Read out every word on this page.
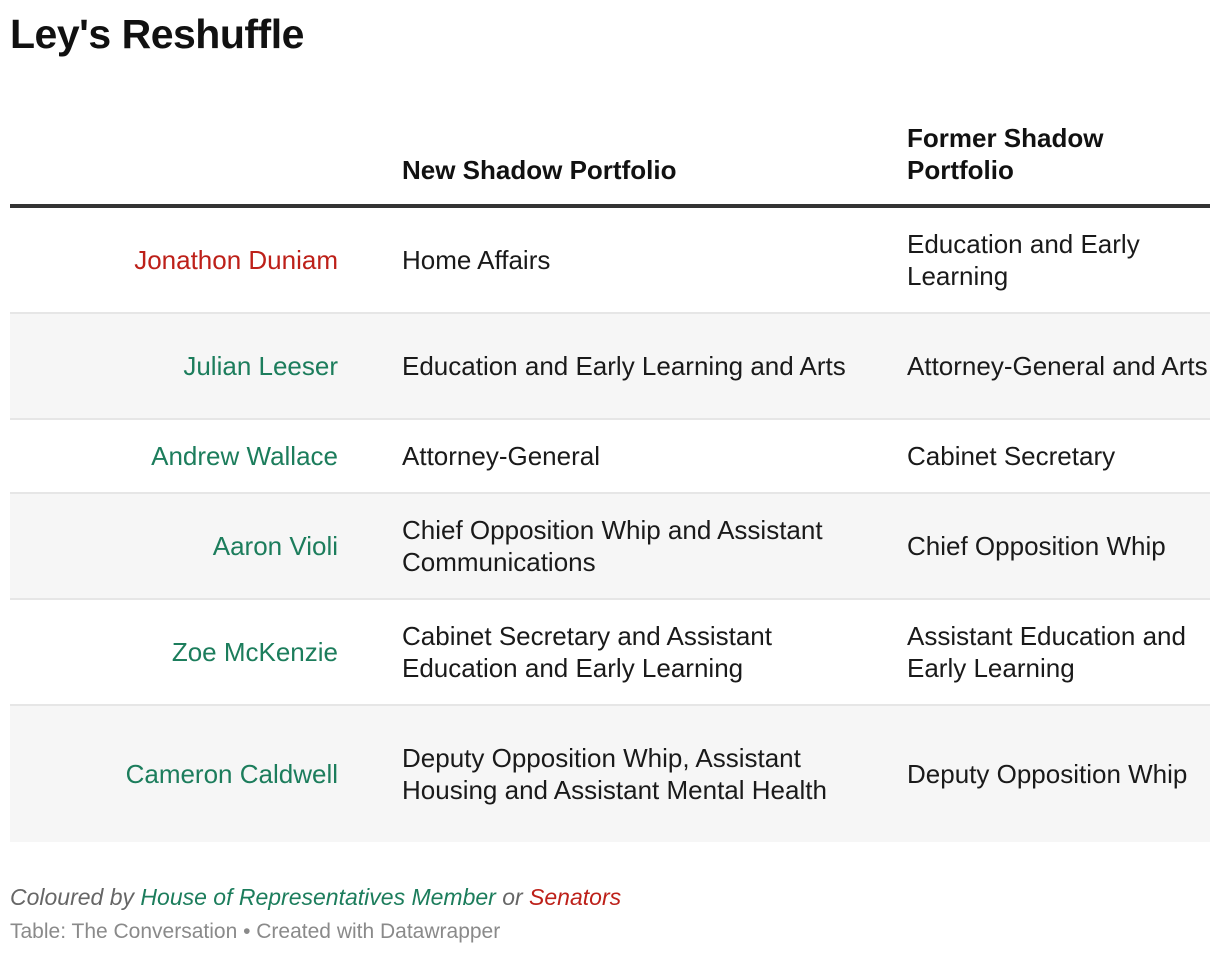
Ley's Reshuffle
	New Shadow Portfolio	Former Shadow Portfolio
Jonathon Duniam	Home Affairs	Education and Early Learning
Julian Leeser	Education and Early Learning and Arts	Attorney-General and Arts
Andrew Wallace	Attorney-General	Cabinet Secretary
Aaron Violi	Chief Opposition Whip and Assistant Communications	Chief Opposition Whip
Zoe McKenzie	Cabinet Secretary and Assistant Education and Early Learning	Assistant Education and Early Learning
Cameron Caldwell	Deputy Opposition Whip, Assistant Housing and Assistant Mental Health	Deputy Opposition Whip
Coloured by House of Representatives Member or Senators
Table: The Conversation • Created with Datawrapper
